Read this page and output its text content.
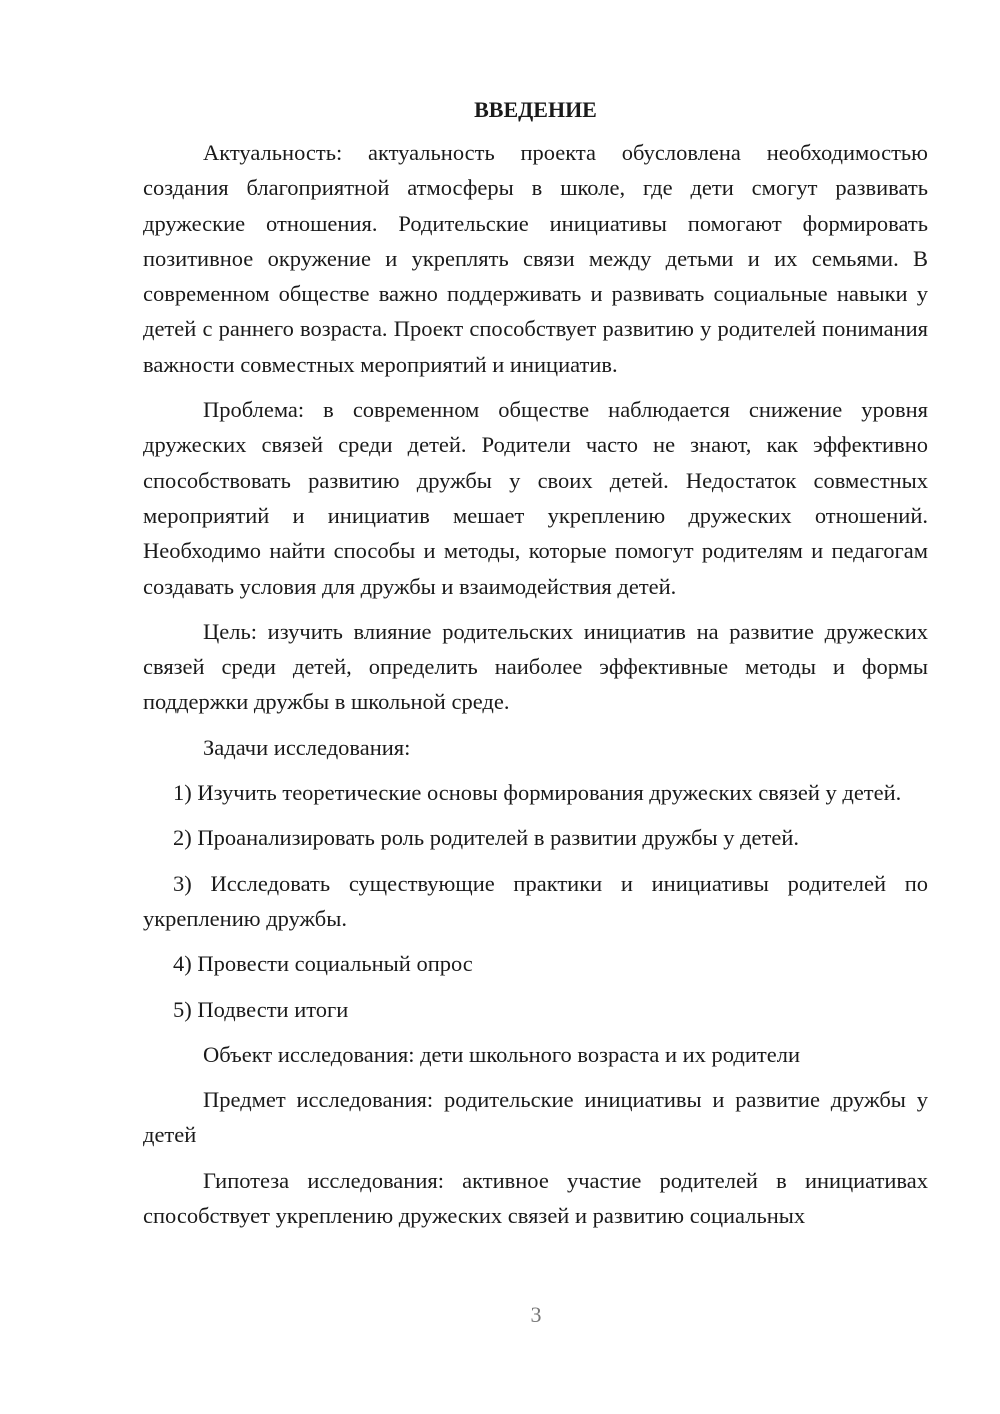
ВВЕДЕНИЕ

Актуальность: актуальность проекта обусловлена необходимостью создания благоприятной атмосферы в школе, где дети смогут развивать дружеские отношения. Родительские инициативы помогают формировать позитивное окружение и укреплять связи между детьми и их семьями. В современном обществе важно поддерживать и развивать социальные навыки у детей с раннего возраста. Проект способствует развитию у родителей понимания важности совместных мероприятий и инициатив.

Проблема: в современном обществе наблюдается снижение уровня дружеских связей среди детей. Родители часто не знают, как эффективно способствовать развитию дружбы у своих детей. Недостаток совместных мероприятий и инициатив мешает укреплению дружеских отношений. Необходимо найти способы и методы, которые помогут родителям и педагогам создавать условия для дружбы и взаимодействия детей.

Цель: изучить влияние родительских инициатив на развитие дружеских связей среди детей, определить наиболее эффективные методы и формы поддержки дружбы в школьной среде.

Задачи исследования:

1) Изучить теоретические основы формирования дружеских связей у детей.

2) Проанализировать роль родителей в развитии дружбы у детей.

3) Исследовать существующие практики и инициативы родителей по укреплению дружбы.

4) Провести социальный опрос

5) Подвести итоги

Объект исследования: дети школьного возраста и их родители

Предмет исследования: родительские инициативы и развитие дружбы у детей

Гипотеза исследования: активное участие родителей в инициативах способствует укреплению дружеских связей и развитию социальных

3
